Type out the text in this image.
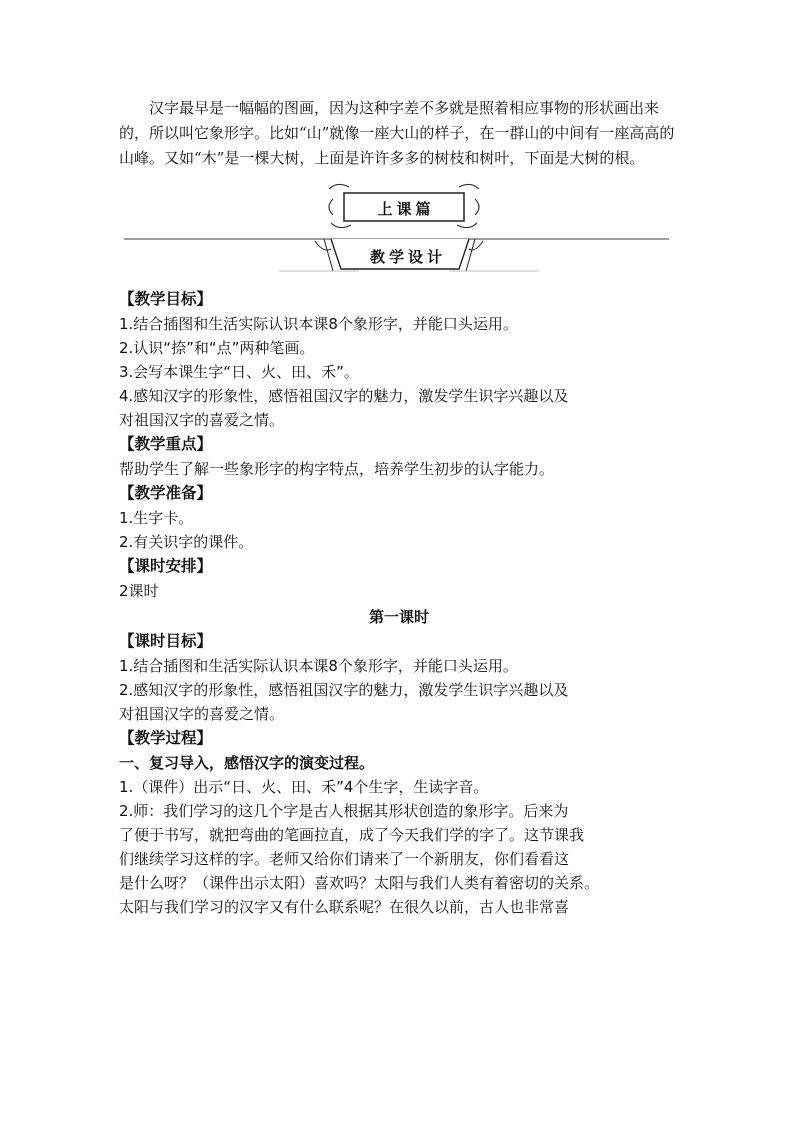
汉字最早是一幅幅的图画，因为这种字差不多就是照着相应事物的形状画出来的，所以叫它象形字。比如“山”就像一座大山的样子，在一群山的中间有一座高高的山峰。又如“木”是一棵大树，上面是许许多多的树枝和树叶，下面是大树的根。

上课篇
教学设计
【教学目标】
1.结合插图和生活实际认识本课8个象形字，并能口头运用。
2.认识“捺”和“点”两种笔画。
3.会写本课生字“日、火、田、禾”。
4.感知汉字的形象性，感悟祖国汉字的魅力，激发学生识字兴趣以及
对祖国汉字的喜爱之情。
【教学重点】
帮助学生了解一些象形字的构字特点，培养学生初步的认字能力。
【教学准备】
1.生字卡。
2.有关识字的课件。
【课时安排】
2课时
第一课时
【课时目标】
1.结合插图和生活实际认识本课8个象形字，并能口头运用。
2.感知汉字的形象性，感悟祖国汉字的魅力，激发学生识字兴趣以及
对祖国汉字的喜爱之情。
【教学过程】
一、复习导入，感悟汉字的演变过程。
1.（课件）出示“日、火、田、禾”4个生字，生读字音。
2.师：我们学习的这几个字是古人根据其形状创造的象形字。后来为
了便于书写，就把弯曲的笔画拉直，成了今天我们学的字了。这节课我
们继续学习这样的字。老师又给你们请来了一个新朋友，你们看看这
是什么呀？（课件出示太阳）喜欢吗？太阳与我们人类有着密切的关系。
太阳与我们学习的汉字又有什么联系呢？在很久以前，古人也非常喜
